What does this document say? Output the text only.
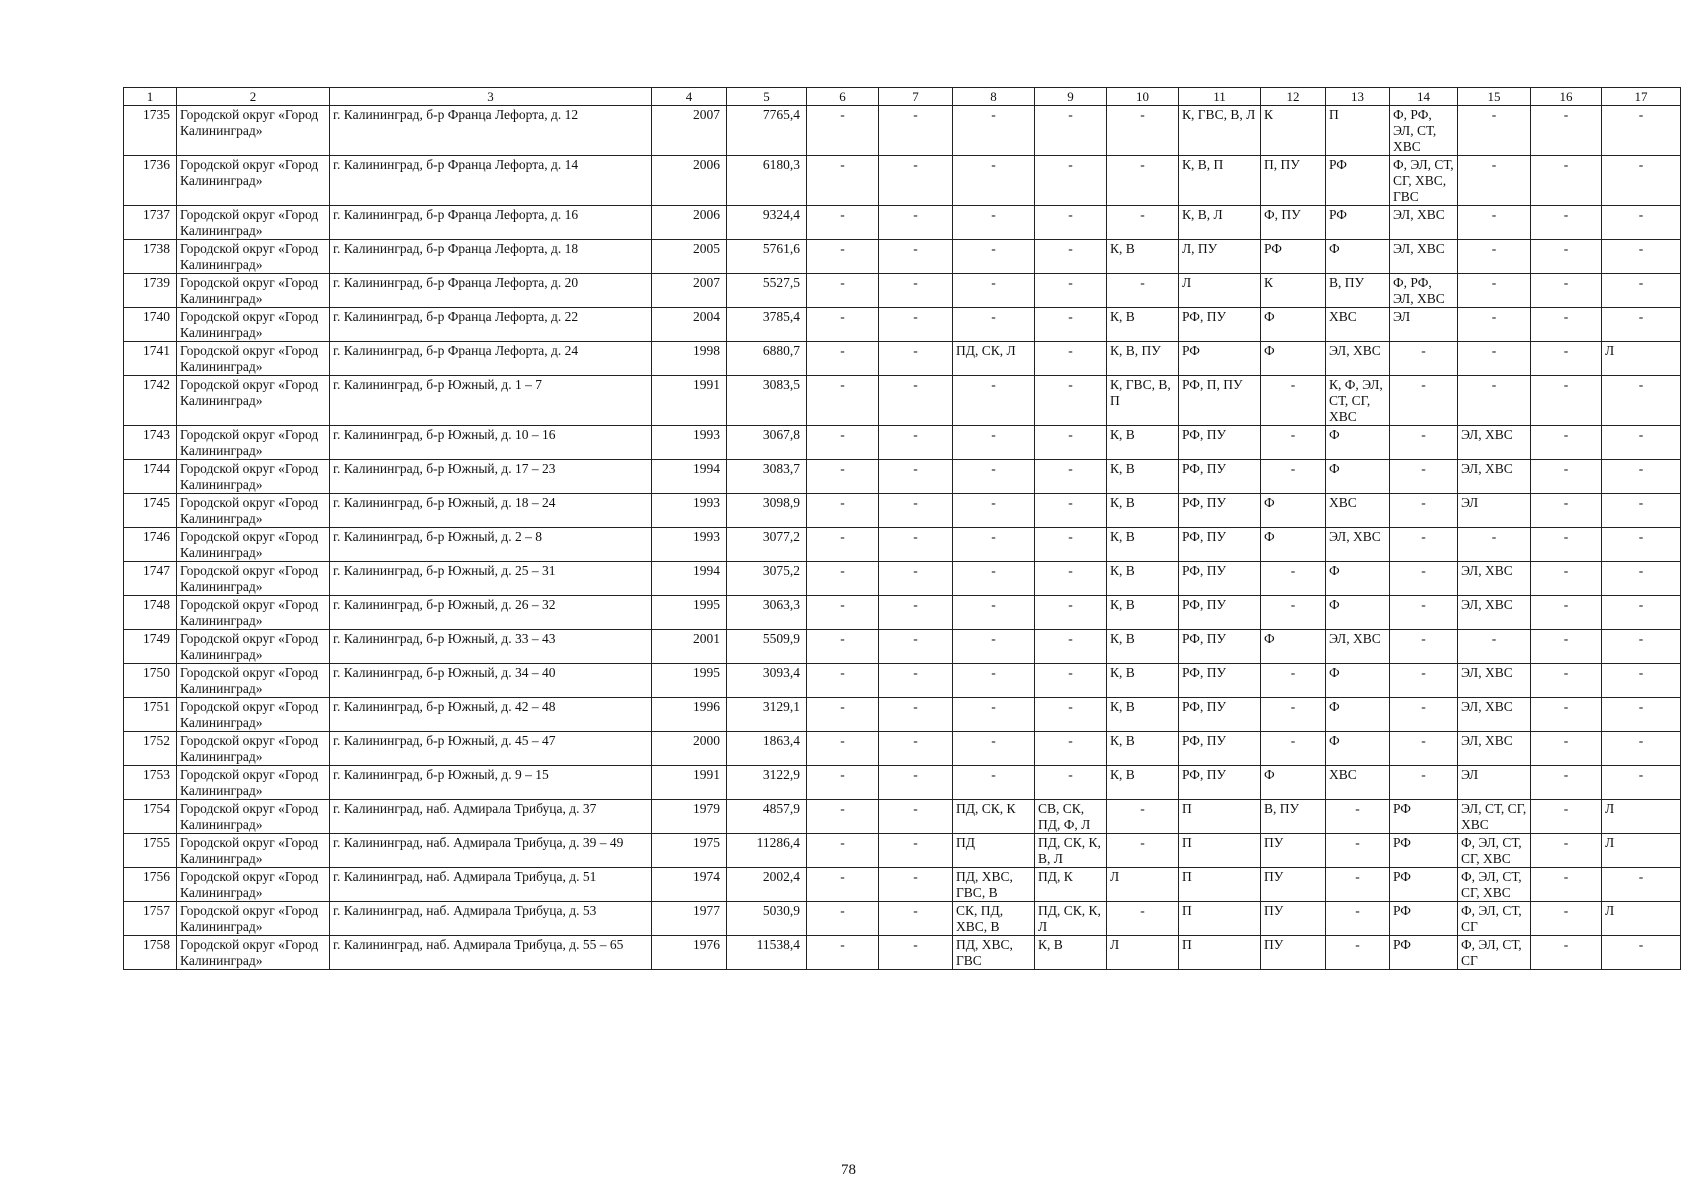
1	2	3	4	5	6	7	8	9	10	11	12	13	14	15	16	17
1735	Городской округ «Город Калининград»	г. Калининград, б-р Франца Лефорта, д. 12	2007	7765,4	-	-	-	-	-	К, ГВС, В, Л	К	П	Ф, РФ, ЭЛ, СТ, ХВС	-	-	-
1736	Городской округ «Город Калининград»	г. Калининград, б-р Франца Лефорта, д. 14	2006	6180,3	-	-	-	-	-	К, В, П	П, ПУ	РФ	Ф, ЭЛ, СТ, СГ, ХВС, ГВС	-	-	-
1737	Городской округ «Город Калининград»	г. Калининград, б-р Франца Лефорта, д. 16	2006	9324,4	-	-	-	-	-	К, В, Л	Ф, ПУ	РФ	ЭЛ, ХВС	-	-	-
1738	Городской округ «Город Калининград»	г. Калининград, б-р Франца Лефорта, д. 18	2005	5761,6	-	-	-	-	К, В	Л, ПУ	РФ	Ф	ЭЛ, ХВС	-	-	-
1739	Городской округ «Город Калининград»	г. Калининград, б-р Франца Лефорта, д. 20	2007	5527,5	-	-	-	-	-	Л	К	В, ПУ	Ф, РФ, ЭЛ, ХВС	-	-	-
1740	Городской округ «Город Калининград»	г. Калининград, б-р Франца Лефорта, д. 22	2004	3785,4	-	-	-	-	К, В	РФ, ПУ	Ф	ХВС	ЭЛ	-	-	-
1741	Городской округ «Город Калининград»	г. Калининград, б-р Франца Лефорта, д. 24	1998	6880,7	-	-	ПД, СК, Л	-	К, В, ПУ	РФ	Ф	ЭЛ, ХВС	-	-	-	Л
1742	Городской округ «Город Калининград»	г. Калининград, б-р Южный, д. 1 – 7	1991	3083,5	-	-	-	-	К, ГВС, В, П	РФ, П, ПУ	-	К, Ф, ЭЛ, СТ, СГ, ХВС	-	-	-	-
1743	Городской округ «Город Калининград»	г. Калининград, б-р Южный, д. 10 – 16	1993	3067,8	-	-	-	-	К, В	РФ, ПУ	-	Ф	-	ЭЛ, ХВС	-	-
1744	Городской округ «Город Калининград»	г. Калининград, б-р Южный, д. 17 – 23	1994	3083,7	-	-	-	-	К, В	РФ, ПУ	-	Ф	-	ЭЛ, ХВС	-	-
1745	Городской округ «Город Калининград»	г. Калининград, б-р Южный, д. 18 – 24	1993	3098,9	-	-	-	-	К, В	РФ, ПУ	Ф	ХВС	-	ЭЛ	-	-
1746	Городской округ «Город Калининград»	г. Калининград, б-р Южный, д. 2 – 8	1993	3077,2	-	-	-	-	К, В	РФ, ПУ	Ф	ЭЛ, ХВС	-	-	-	-
1747	Городской округ «Город Калининград»	г. Калининград, б-р Южный, д. 25 – 31	1994	3075,2	-	-	-	-	К, В	РФ, ПУ	-	Ф	-	ЭЛ, ХВС	-	-
1748	Городской округ «Город Калининград»	г. Калининград, б-р Южный, д. 26 – 32	1995	3063,3	-	-	-	-	К, В	РФ, ПУ	-	Ф	-	ЭЛ, ХВС	-	-
1749	Городской округ «Город Калининград»	г. Калининград, б-р Южный, д. 33 – 43	2001	5509,9	-	-	-	-	К, В	РФ, ПУ	Ф	ЭЛ, ХВС	-	-	-	-
1750	Городской округ «Город Калининград»	г. Калининград, б-р Южный, д. 34 – 40	1995	3093,4	-	-	-	-	К, В	РФ, ПУ	-	Ф	-	ЭЛ, ХВС	-	-
1751	Городской округ «Город Калининград»	г. Калининград, б-р Южный, д. 42 – 48	1996	3129,1	-	-	-	-	К, В	РФ, ПУ	-	Ф	-	ЭЛ, ХВС	-	-
1752	Городской округ «Город Калининград»	г. Калининград, б-р Южный, д. 45 – 47	2000	1863,4	-	-	-	-	К, В	РФ, ПУ	-	Ф	-	ЭЛ, ХВС	-	-
1753	Городской округ «Город Калининград»	г. Калининград, б-р Южный, д. 9 – 15	1991	3122,9	-	-	-	-	К, В	РФ, ПУ	Ф	ХВС	-	ЭЛ	-	-
1754	Городской округ «Город Калининград»	г. Калининград, наб. Адмирала Трибуца, д. 37	1979	4857,9	-	-	ПД, СК, К	СВ, СК, ПД, Ф, Л	-	П	В, ПУ	-	РФ	ЭЛ, СТ, СГ, ХВС	-	Л
1755	Городской округ «Город Калининград»	г. Калининград, наб. Адмирала Трибуца, д. 39 – 49	1975	11286,4	-	-	ПД	ПД, СК, К, В, Л	-	П	ПУ	-	РФ	Ф, ЭЛ, СТ, СГ, ХВС	-	Л
1756	Городской округ «Город Калининград»	г. Калининград, наб. Адмирала Трибуца, д. 51	1974	2002,4	-	-	ПД, ХВС, ГВС, В	ПД, К	Л	П	ПУ	-	РФ	Ф, ЭЛ, СТ, СГ, ХВС	-	-
1757	Городской округ «Город Калининград»	г. Калининград, наб. Адмирала Трибуца, д. 53	1977	5030,9	-	-	СК, ПД, ХВС, В	ПД, СК, К, Л	-	П	ПУ	-	РФ	Ф, ЭЛ, СТ, СГ	-	Л
1758	Городской округ «Город Калининград»	г. Калининград, наб. Адмирала Трибуца, д. 55 – 65	1976	11538,4	-	-	ПД, ХВС, ГВС	К, В	Л	П	ПУ	-	РФ	Ф, ЭЛ, СТ, СГ	-	-
78
